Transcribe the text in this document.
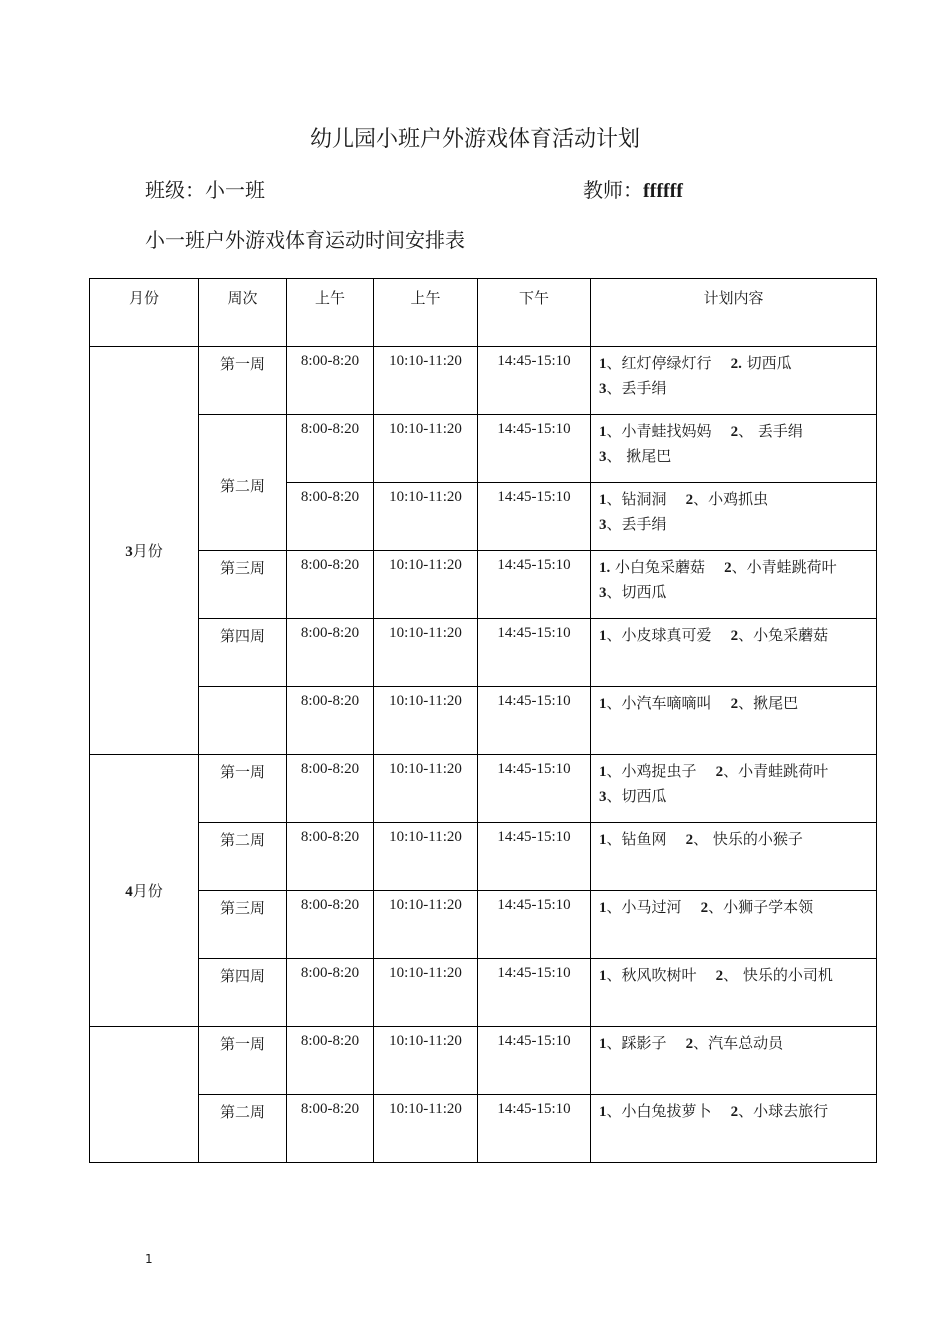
幼儿园小班户外游戏体育活动计划
班级：小一班	教师：ffffff
小一班户外游戏体育运动时间安排表
月份	周次	上午	上午	下午	计划内容
3月份	第一周	8:00-8:20	10:10-11:20	14:45-15:10	1、红灯停绿灯行 2. 切西瓜
3、丢手绢

	第二周	8:00-8:20	10:10-11:20	14:45-15:10	1、小青蛙找妈妈 2、 丢手绢
3、 揪尾巴

		8:00-8:20	10:10-11:20	14:45-15:10	1、钻洞洞 2、小鸡抓虫
3、丢手绢

	第三周	8:00-8:20	10:10-11:20	14:45-15:10	1. 小白兔采蘑菇 2、小青蛙跳荷叶
3、切西瓜

	第四周	8:00-8:20	10:10-11:20	14:45-15:10	1、小皮球真可爱 2、小兔采蘑菇

		8:00-8:20	10:10-11:20	14:45-15:10	1、小汽车嘀嘀叫 2、揪尾巴

4月份	第一周	8:00-8:20	10:10-11:20	14:45-15:10	1、小鸡捉虫子 2、小青蛙跳荷叶
3、切西瓜

	第二周	8:00-8:20	10:10-11:20	14:45-15:10	1、钻鱼网 2、 快乐的小猴子

	第三周	8:00-8:20	10:10-11:20	14:45-15:10	1、小马过河 2、小狮子学本领

	第四周	8:00-8:20	10:10-11:20	14:45-15:10	1、秋风吹树叶 2、 快乐的小司机

	第一周	8:00-8:20	10:10-11:20	14:45-15:10	1、踩影子 2、汽车总动员

	第二周	8:00-8:20	10:10-11:20	14:45-15:10	1、小白兔拔萝卜 2、小球去旅行
1
